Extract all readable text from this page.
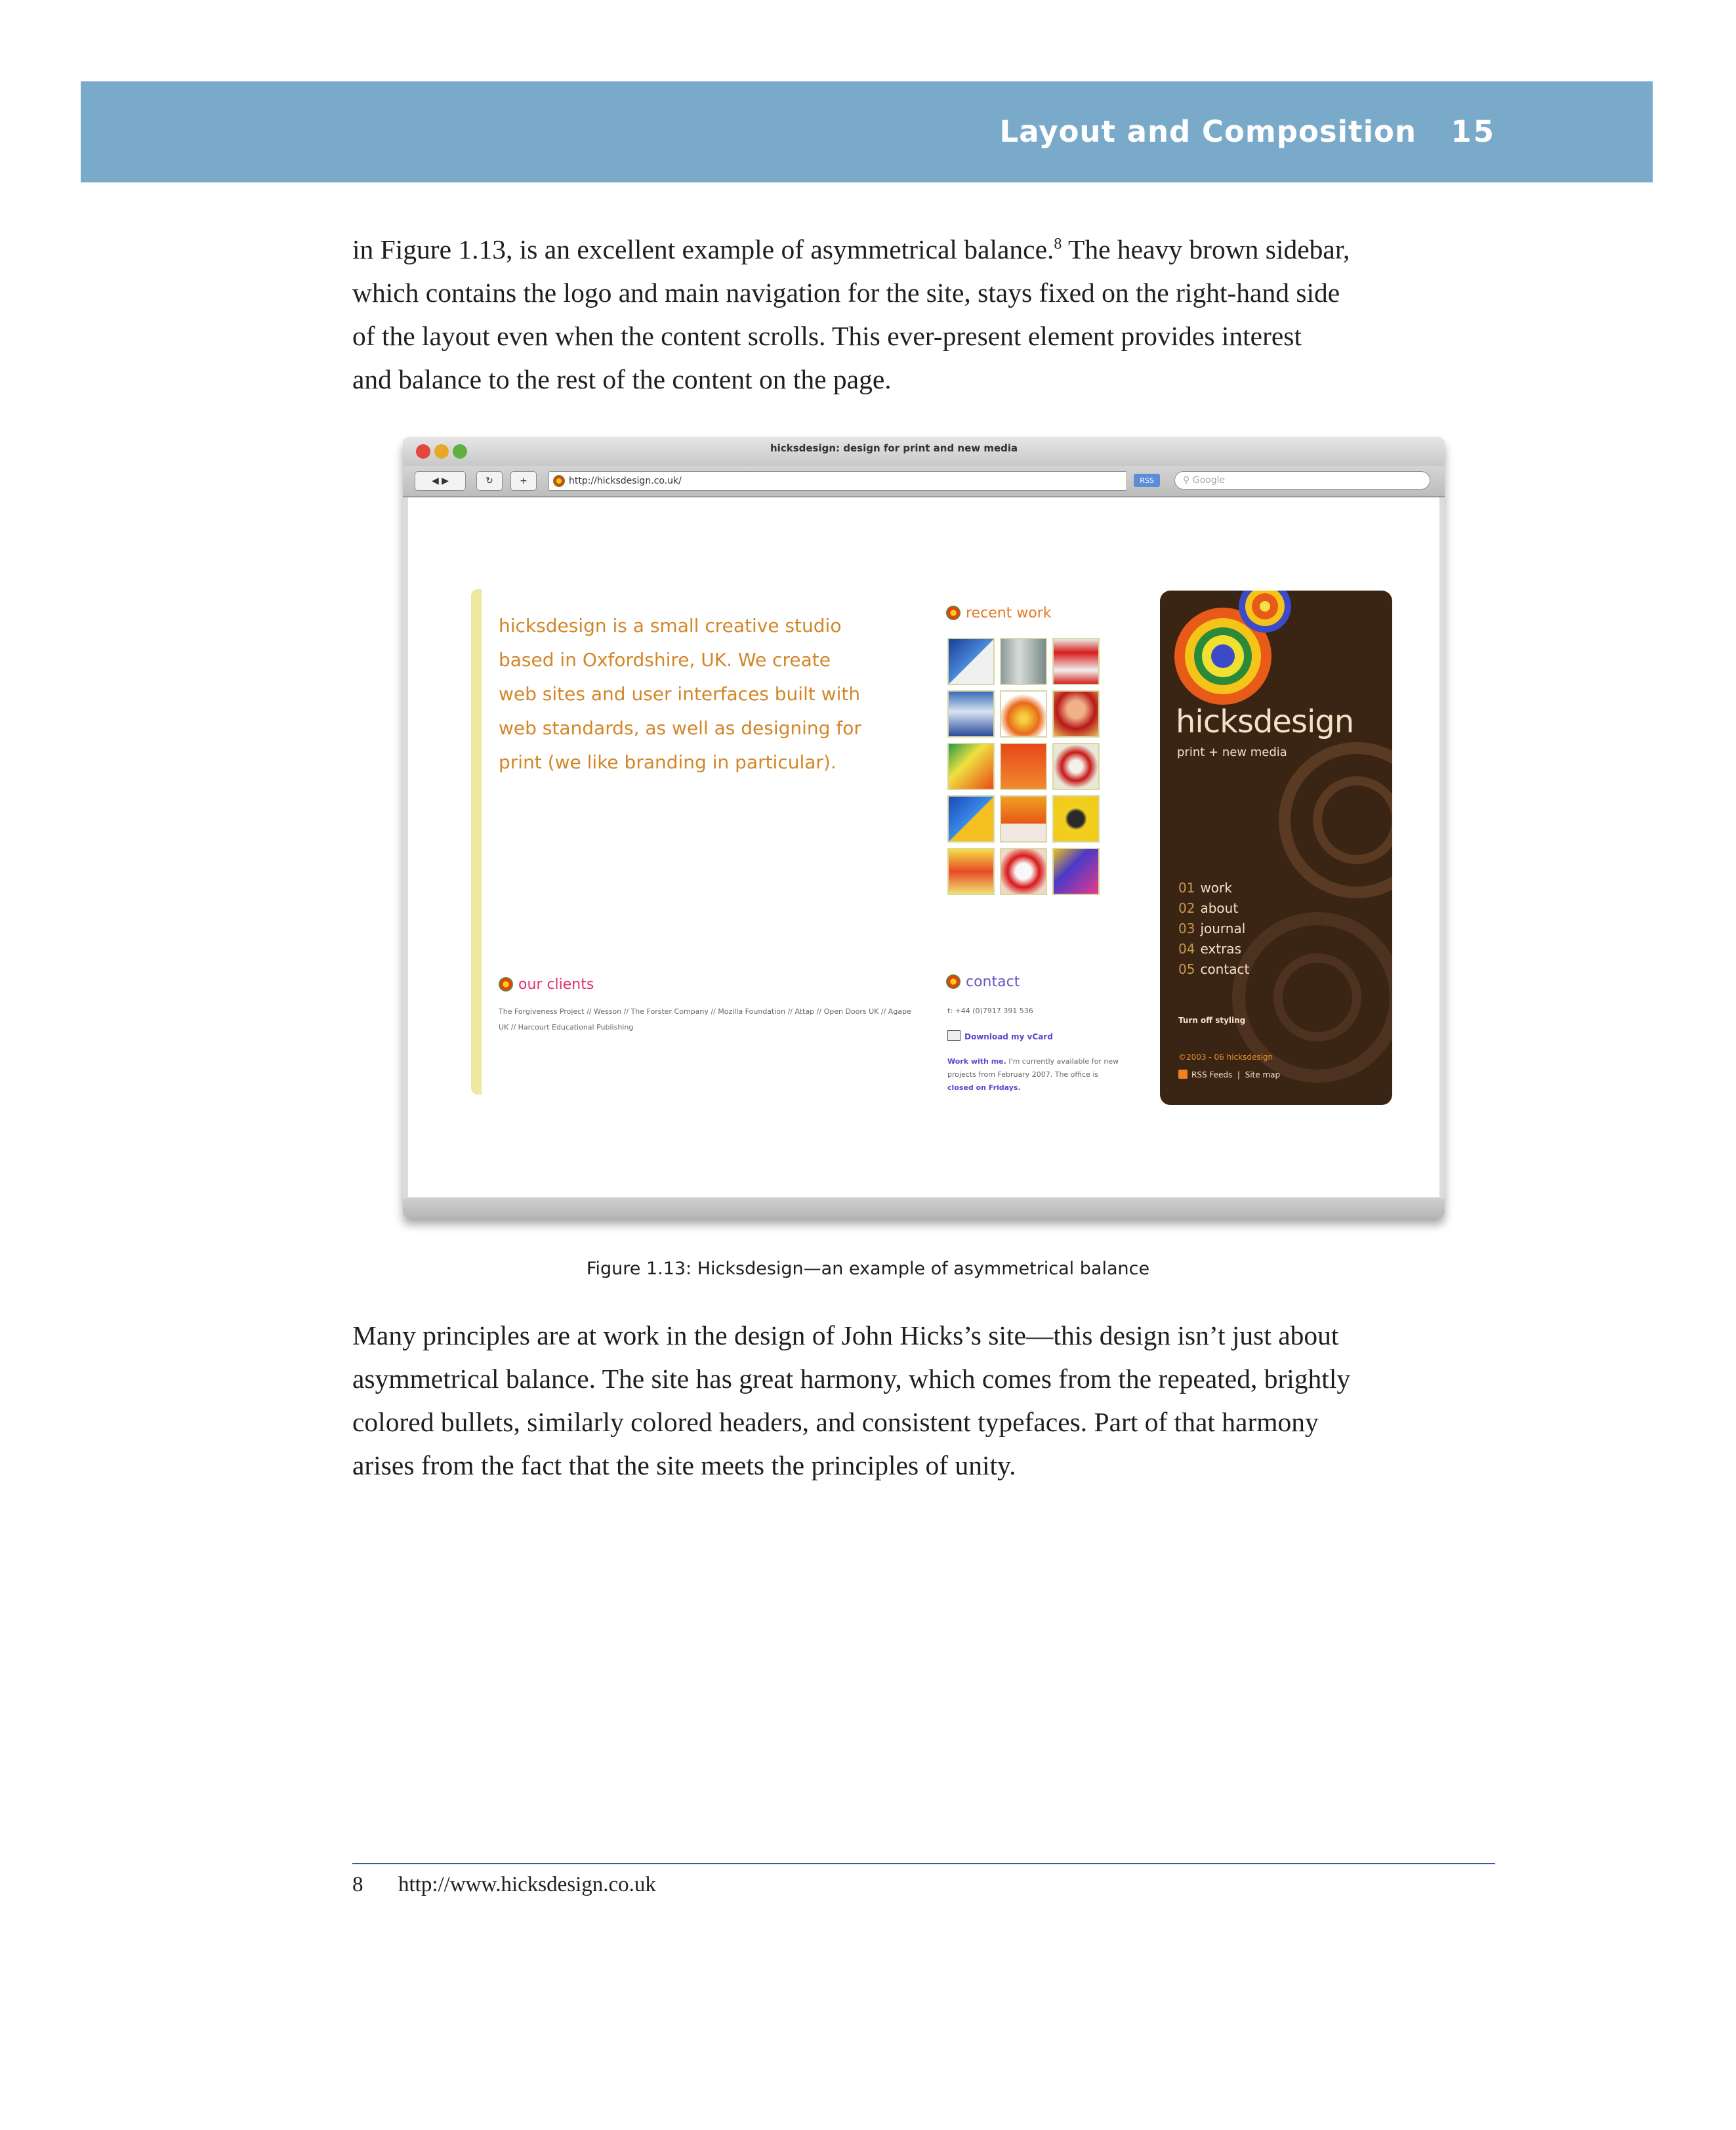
Layout and Composition 15

in Figure 1.13, is an excellent example of asymmetrical balance.$^8$ The heavy brown sidebar,

which contains the logo and main navigation for the site, stays fixed on the right-hand side

of the layout even when the content scrolls. This ever-present element provides interest

and balance to the rest of the content on the page.

hicksdesign: design for print and new media
◀ ▶	↻	+	http://hicksdesign.co.uk/	RSS	⚲ Google

hicksdesign is a small creative studio

based in Oxfordshire, UK. We create

web sites and user interfaces built with

web standards, as well as designing for

print (we like branding in particular).

recent work
our clients
The Forgiveness Project // Wesson // The Forster Company // Mozilla Foundation // Attap // Open Doors UK // Agape UK // Harcourt Educational Publishing
contact
t: +44 (0)7917 391 536
Download my vCard
Work with me. I'm currently available for new projects from February 2007. The office is closed on Fridays.
hicksdesign
print + new media
01 work
02 about
03 journal
04 extras
05 contact
Turn off styling
©2003 - 06 hicksdesign
RSS Feeds  |  Site map
Figure 1.13: Hicksdesign—an example of asymmetrical balance

Many principles are at work in the design of John Hicks’s site—this design isn’t just about

asymmetrical balance. The site has great harmony, which comes from the repeated, brightly

colored bullets, similarly colored headers, and consistent typefaces. Part of that harmony

arises from the fact that the site meets the principles of unity.

8 http://www.hicksdesign.co.uk
